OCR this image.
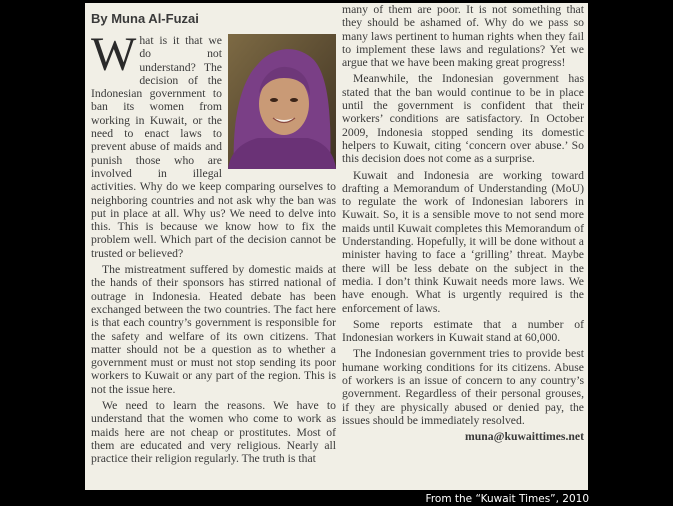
By Muna Al-Fuzai

What is it that we do not understand? The decision of the Indonesian government to ban its women from working in Kuwait, or the need to enact laws to prevent abuse of maids and punish those who are involved in illegal activities. Why do we keep comparing ourselves to neighboring countries and not ask why the ban was put in place at all. Why us? We need to delve into this. This is because we know how to fix the problem well. Which part of the decision cannot be trusted or believed?

The mistreatment suffered by domestic maids at the hands of their sponsors has stirred national of outrage in Indonesia. Heated debate has been exchanged between the two countries. The fact here is that each country’s government is responsible for the safety and welfare of its own citizens. That matter should not be a question as to whether a government must or must not stop sending its poor workers to Kuwait or any part of the region. This is not the issue here.

We need to learn the reasons. We have to understand that the women who come to work as maids here are not cheap or prostitutes. Most of them are educated and very religious. Nearly all practice their religion regularly. The truth is that

many of them are poor. It is not something that they should be ashamed of. Why do we pass so many laws pertinent to human rights when they fail to implement these laws and regulations? Yet we argue that we have been making great progress!

Meanwhile, the Indonesian government has stated that the ban would continue to be in place until the government is confident that their workers’ conditions are satisfactory. In October 2009, Indonesia stopped sending its domestic helpers to Kuwait, citing ‘concern over abuse.’ So this decision does not come as a surprise.

Kuwait and Indonesia are working toward drafting a Memorandum of Understanding (MoU) to regulate the work of Indonesian laborers in Kuwait. So, it is a sensible move to not send more maids until Kuwait completes this Memorandum of Understanding. Hopefully, it will be done without a minister having to face a ‘grilling’ threat. Maybe there will be less debate on the subject in the media. I don’t think Kuwait needs more laws. We have enough. What is urgently required is the enforcement of laws.

Some reports estimate that a number of Indonesian workers in Kuwait stand at 60,000.

The Indonesian government tries to provide best humane working conditions for its citizens. Abuse of workers is an issue of concern to any country’s government. Regardless of their personal grouses, if they are physically abused or denied pay, the issues should be immediately resolved.

muna@kuwaittimes.net

From the “Kuwait Times”, 2010
